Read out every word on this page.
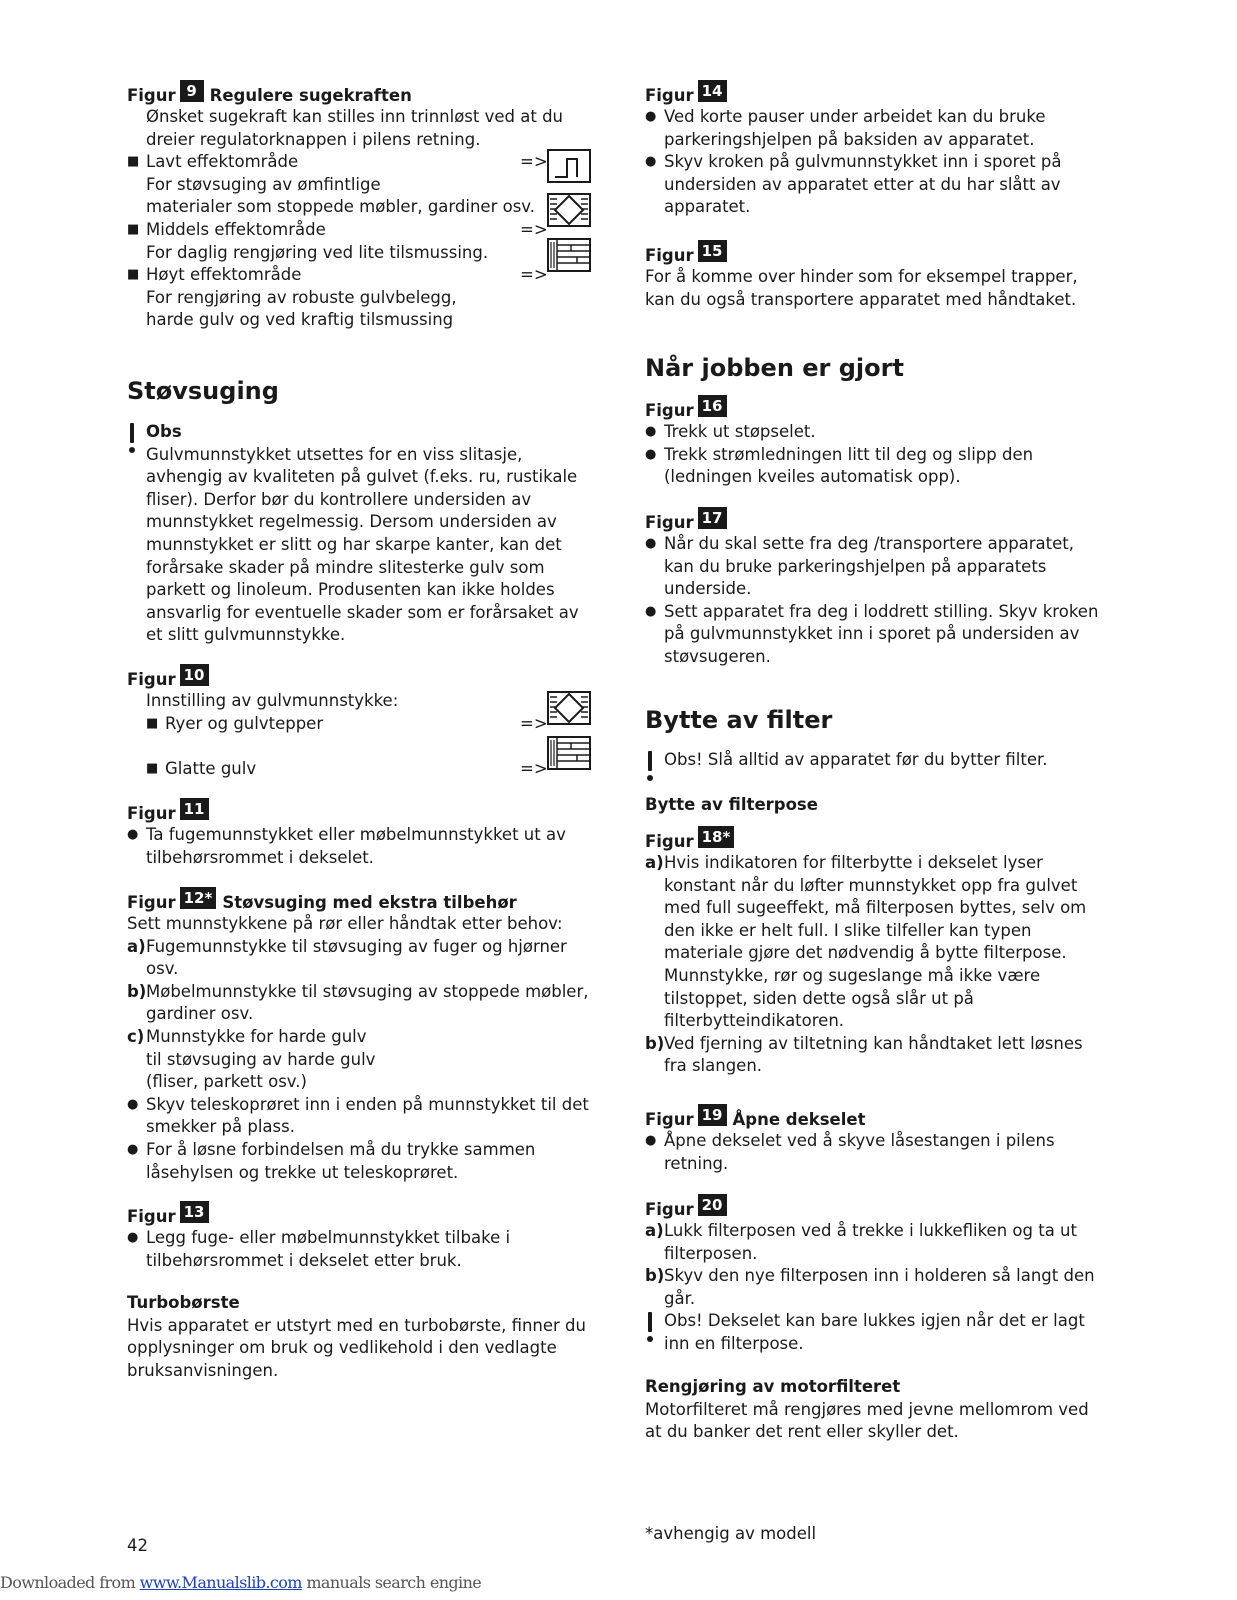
Figur 9 Regulere sugekraften
Ønsket sugekraft kan stilles inn trinnløst ved at du
dreier regulatorknappen i pilens retning.
■ Lavt effektområde	=>
For støvsuging av ømfintlige
materialer som stoppede møbler, gardiner osv.
■ Middels effektområde	=>
For daglig rengjøring ved lite tilsmussing.
■ Høyt effektområde	=>
For rengjøring av robuste gulvbelegg,
harde gulv og ved kraftig tilsmussing
Støvsuging
Obs
Gulvmunnstykket utsettes for en viss slitasje,
avhengig av kvaliteten på gulvet (f.eks. ru, rustikale
fliser). Derfor bør du kontrollere undersiden av
munnstykket regelmessig. Dersom undersiden av
munnstykket er slitt og har skarpe kanter, kan det
forårsake skader på mindre slitesterke gulv som
parkett og linoleum. Produsenten kan ikke holdes
ansvarlig for eventuelle skader som er forårsaket av
et slitt gulvmunnstykke.
Figur 10
Innstilling av gulvmunnstykke:
■ Ryer og gulvtepper	=>
■ Glatte gulv	=>
Figur 11
● Ta fugemunnstykket eller møbelmunnstykket ut av
tilbehørsrommet i dekselet.
Figur 12* Støvsuging med ekstra tilbehør
Sett munnstykkene på rør eller håndtak etter behov:
a) Fugemunnstykke til støvsuging av fuger og hjørner
osv.
b) Møbelmunnstykke til støvsuging av stoppede møbler,
gardiner osv.
c) Munnstykke for harde gulv
til støvsuging av harde gulv
(fliser, parkett osv.)
● Skyv teleskoprøret inn i enden på munnstykket til det
smekker på plass.
● For å løsne forbindelsen må du trykke sammen
låsehylsen og trekke ut teleskoprøret.
Figur 13
● Legg fuge- eller møbelmunnstykket tilbake i
tilbehørsrommet i dekselet etter bruk.
Turbobørste
Hvis apparatet er utstyrt med en turbobørste, finner du
opplysninger om bruk og vedlikehold i den vedlagte
bruksanvisningen.
Figur 14
● Ved korte pauser under arbeidet kan du bruke
parkeringshjelpen på baksiden av apparatet.
● Skyv kroken på gulvmunnstykket inn i sporet på
undersiden av apparatet etter at du har slått av
apparatet.
Figur 15
For å komme over hinder som for eksempel trapper,
kan du også transportere apparatet med håndtaket.
Når jobben er gjort
Figur 16
● Trekk ut støpselet.
● Trekk strømledningen litt til deg og slipp den
(ledningen kveiles automatisk opp).
Figur 17
● Når du skal sette fra deg /transportere apparatet,
kan du bruke parkeringshjelpen på apparatets
underside.
● Sett apparatet fra deg i loddrett stilling. Skyv kroken
på gulvmunnstykket inn i sporet på undersiden av
støvsugeren.
Bytte av filter
Obs! Slå alltid av apparatet før du bytter filter.
Bytte av filterpose
Figur 18*
a) Hvis indikatoren for filterbytte i dekselet lyser
konstant når du løfter munnstykket opp fra gulvet
med full sugeeffekt, må filterposen byttes, selv om
den ikke er helt full. I slike tilfeller kan typen
materiale gjøre det nødvendig å bytte filterpose.
Munnstykke, rør og sugeslange må ikke være
tilstoppet, siden dette også slår ut på
filterbytteindikatoren.
b) Ved fjerning av tiltetning kan håndtaket lett løsnes
fra slangen.
Figur 19 Åpne dekselet
● Åpne dekselet ved å skyve låsestangen i pilens
retning.
Figur 20
a) Lukk filterposen ved å trekke i lukkefliken og ta ut
filterposen.
b) Skyv den nye filterposen inn i holderen så langt den
går.
Obs! Dekselet kan bare lukkes igjen når det er lagt
inn en filterpose.
Rengjøring av motorfilteret
Motorfilteret må rengjøres med jevne mellomrom ved
at du banker det rent eller skyller det.
42
*avhengig av modell
Downloaded from www.Manualslib.com manuals search engine
